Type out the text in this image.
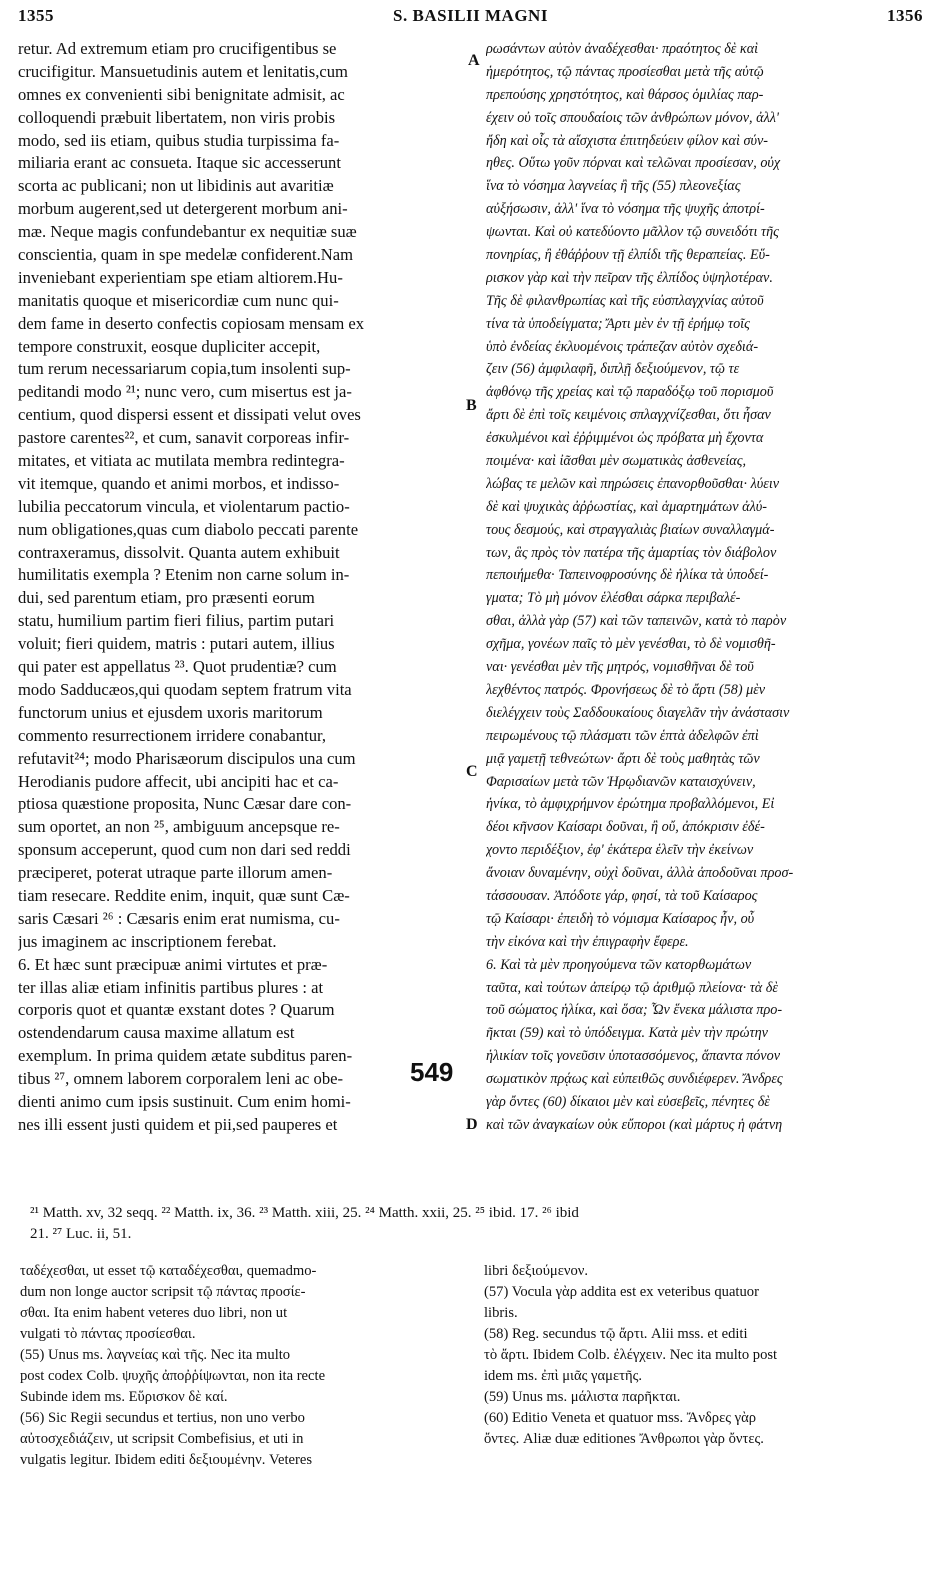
1355	S. BASILII MAGNI	1356
retur. Ad extremum etiam pro crucifigentibus se
crucifigitur. Mansuetudinis autem et lenitatis,cum
omnes ex convenienti sibi benignitate admisit, ac
colloquendi præbuit libertatem, non viris probis
modo, sed iis etiam, quibus studia turpissima fa-
miliaria erant ac consueta. Itaque sic accesserunt
scorta ac publicani; non ut libidinis aut avaritiæ
morbum augerent,sed ut detergerent morbum ani-
mæ. Neque magis confundebantur ex nequitiæ suæ
conscientia, quam in spe medelæ confiderent.Nam
inveniebant experientiam spe etiam altiorem.Hu-
manitatis quoque et misericordiæ cum nunc qui-
dem fame in deserto confectis copiosam mensam ex
tempore construxit, eosque dupliciter accepit,
tum rerum necessariarum copia,tum insolenti sup-
peditandi modo ²¹; nunc vero, cum misertus est ja-
centium, quod dispersi essent et dissipati velut oves
pastore carentes²², et cum, sanavit corporeas infir-
mitates, et vitiata ac mutilata membra redintegra-
vit itemque, quando et animi morbos, et indisso-
lubilia peccatorum vincula, et violentarum pactio-
num obligationes,quas cum diabolo peccati parente
contraxeramus, dissolvit. Quanta autem exhibuit
humilitatis exempla ? Etenim non carne solum in-
dui, sed parentum etiam, pro præsenti eorum
statu, humilium partim fieri filius, partim putari
voluit; fieri quidem, matris : putari autem, illius
qui pater est appellatus ²³. Quot prudentiæ? cum
modo Sadducæos,qui quodam septem fratrum vita
functorum unius et ejusdem uxoris maritorum
commento resurrectionem irridere conabantur,
refutavit²⁴; modo Pharisæorum discipulos una cum
Herodianis pudore affecit, ubi ancipiti hac et ca-
ptiosa quæstione proposita, Nunc Cæsar dare con-
sum oportet, an non ²⁵, ambiguum ancepsque re-
sponsum acceperunt, quod cum non dari sed reddi
præciperet, poterat utraque parte illorum amen-
tiam resecare. Reddite enim, inquit, quæ sunt Cæ-
saris Cæsari ²⁶ : Cæsaris enim erat numisma, cu-
jus imaginem ac inscriptionem ferebat.
6. Et hæc sunt præcipuæ animi virtutes et præ-
ter illas aliæ etiam infinitis partibus plures : at
corporis quot et quantæ exstant dotes ? Quarum
ostendendarum causa maxime allatum est
exemplum. In prima quidem ætate subditus paren-
tibus ²⁷, omnem laborem corporalem leni ac obe-
dienti animo cum ipsis sustinuit. Cum enim homi-
nes illi essent justi quidem et pii,sed pauperes et
ρωσάντων αὐτὸν ἀναδέχεσθαι· πραότητος δὲ καὶ
ἡμερότητος, τῷ πάντας προσίεσθαι μετὰ τῆς αὐτῷ
πρεπούσης χρηστότητος, καὶ θάρσος ὁμιλίας παρ-
έχειν οὐ τοῖς σπουδαίοις τῶν ἀνθρώπων μόνον, ἀλλ'
ἤδη καὶ οἷς τὰ αἴσχιστα ἐπιτηδεύειν φίλον καὶ σύν-
ηθες. Οὕτω γοῦν πόρναι καὶ τελῶναι προσίεσαν, οὐχ
ἵνα τὸ νόσημα λαγνείας ἢ τῆς (55) πλεονεξίας
αὐξήσωσιν, ἀλλ' ἵνα τὸ νόσημα τῆς ψυχῆς ἀποτρί-
ψωνται. Καὶ οὐ κατεδύοντο μᾶλλον τῷ συνειδότι τῆς
πονηρίας, ἢ ἐθάῤῥουν τῇ ἐλπίδι τῆς θεραπείας. Εὕ-
ρισκον γὰρ καὶ τὴν πεῖραν τῆς ἐλπίδος ὑψηλοτέραν.
Τῆς δὲ φιλανθρωπίας καὶ τῆς εὐσπλαγχνίας αὐτοῦ
τίνα τὰ ὑποδείγματα; Ἄρτι μὲν ἐν τῇ ἐρήμῳ τοῖς
ὑπὸ ἐνδείας ἐκλυομένοις τράπεζαν αὐτὸν σχεδιά-
ζειν (56) ἀμφιλαφῆ, διπλῇ δεξιούμενον, τῷ τε
ἀφθόνῳ τῆς χρείας καὶ τῷ παραδόξῳ τοῦ πορισμοῦ
ἄρτι δὲ ἐπὶ τοῖς κειμένοις σπλαγχνίζεσθαι, ὅτι ἦσαν
ἐσκυλμένοι καὶ ἐῤῥιμμένοι ὡς πρόβατα μὴ ἔχοντα
ποιμένα· καὶ ἰᾶσθαι μὲν σωματικὰς ἀσθενείας,
λώβας τε μελῶν καὶ πηρώσεις ἐπανορθοῦσθαι· λύειν
δὲ καὶ ψυχικὰς ἀῤῥωστίας, καὶ ἁμαρτημάτων ἀλύ-
τους δεσμούς, καὶ στραγγαλιὰς βιαίων συναλλαγμά-
των, ἃς πρὸς τὸν πατέρα τῆς ἁμαρτίας τὸν διάβολον
πεποιήμεθα· Ταπεινοφροσύνης δὲ ἡλίκα τὰ ὑποδεί-
γματα; Τὸ μὴ μόνον ἑλέσθαι σάρκα περιβαλέ-
σθαι, ἀλλὰ γὰρ (57) καὶ τῶν ταπεινῶν, κατὰ τὸ παρὸν
σχῆμα, γονέων παῖς τὸ μὲν γενέσθαι, τὸ δὲ νομισθῆ-
ναι· γενέσθαι μὲν τῆς μητρός, νομισθῆναι δὲ τοῦ
λεχθέντος πατρός. Φρονήσεως δὲ τὸ ἄρτι (58) μὲν
διελέγχειν τοὺς Σαδδουκαίους διαγελᾶν τὴν ἀνάστασιν
πειρωμένους τῷ πλάσματι τῶν ἑπτὰ ἀδελφῶν ἐπὶ
μιᾷ γαμετῇ τεθνεώτων· ἄρτι δὲ τοὺς μαθητὰς τῶν
Φαρισαίων μετὰ τῶν Ἡρῳδιανῶν καταισχύνειν,
ἡνίκα, τὸ ἀμφιχρήμνον ἐρώτημα προβαλλόμενοι, Εἰ
δέοι κῆνσον Καίσαρι δοῦναι, ἢ οὔ, ἀπόκρισιν ἐδέ-
χοντο περιδέξιον, ἐφ' ἑκάτερα ἑλεῖν τὴν ἐκείνων
ἄνοιαν δυναμένην, οὐχὶ δοῦναι, ἀλλὰ ἀποδοῦναι προσ-
τάσσουσαν. Ἀπόδοτε γάρ, φησί, τὰ τοῦ Καίσαρος
τῷ Καίσαρι· ἐπειδὴ τὸ νόμισμα Καίσαρος ἦν, οὗ
τὴν εἰκόνα καὶ τὴν ἐπιγραφὴν ἔφερε.
6. Καὶ τὰ μὲν προηγούμενα τῶν κατορθωμάτων
ταῦτα, καὶ τούτων ἀπείρῳ τῷ ἀριθμῷ πλείονα· τὰ δὲ
τοῦ σώματος ἡλίκα, καὶ ὅσα; Ὧν ἕνεκα μάλιστα προ-
ῆκται (59) καὶ τὸ ὑπόδειγμα. Κατὰ μὲν τὴν πρώτην
ἡλικίαν τοῖς γονεῦσιν ὑποτασσόμενος, ἅπαντα πόνον
σωματικὸν πρᾴως καὶ εὐπειθῶς συνδιέφερεν. Ἄνδρες
γὰρ ὄντες (60) δίκαιοι μὲν καὶ εὐσεβεῖς, πένητες δὲ
καὶ τῶν ἀναγκαίων οὐκ εὔποροι (καὶ μάρτυς ἡ φάτνη
A
B
C
D
549
²¹ Matth. xv, 32 seqq. ²² Matth. ix, 36. ²³ Matth. xiii, 25. ²⁴ Matth. xxii, 25. ²⁵ ibid. 17. ²⁶ ibid
21. ²⁷ Luc. ii, 51.
ταδέχεσθαι, ut esset τῷ καταδέχεσθαι, quemadmo-
dum non longe auctor scripsit τῷ πάντας προσίε-
σθαι. Ita enim habent veteres duo libri, non ut
vulgati τὸ πάντας προσίεσθαι.
(55) Unus ms. λαγνείας καὶ τῆς. Nec ita multo
post codex Colb. ψυχῆς ἀποῤῥίψωνται, non ita recte
Subinde idem ms. Εὕρισκον δὲ καί.
(56) Sic Regii secundus et tertius, non uno verbo
αὐτοσχεδιάζειν, ut scripsit Combefisius, et uti in
vulgatis legitur. Ibidem editi δεξιουμένην. Veteres
libri δεξιούμενον.
(57) Vocula γὰρ addita est ex veteribus quatuor
libris.
(58) Reg. secundus τῷ ἄρτι. Alii mss. et editi
τὸ ἄρτι. Ibidem Colb. ἐλέγχειν. Nec ita multo post
idem ms. ἐπὶ μιᾶς γαμετῆς.
(59) Unus ms. μάλιστα παρῆκται.
(60) Editio Veneta et quatuor mss. Ἄνδρες γὰρ
ὄντες. Aliæ duæ editiones Ἄνθρωποι γὰρ ὄντες.
